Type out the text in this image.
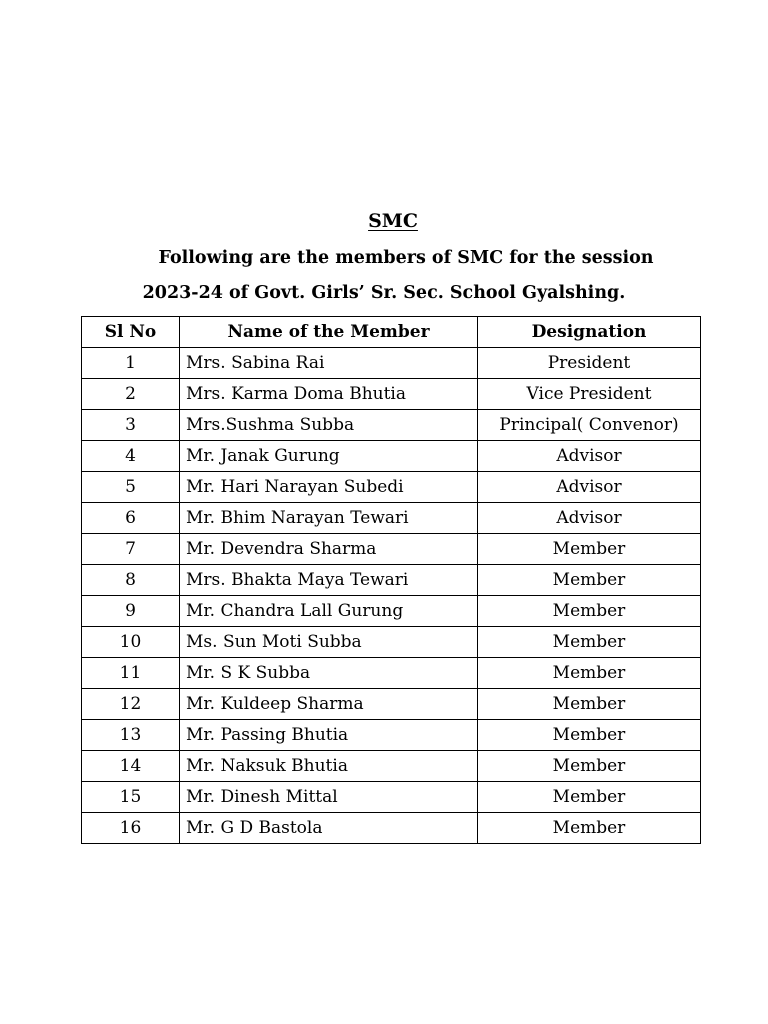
SMC
Following are the members of SMC for the session
2023-24 of Govt. Girls’ Sr. Sec. School Gyalshing.
Sl No	Name of the Member	Designation
1	Mrs. Sabina Rai	President
2	Mrs. Karma Doma Bhutia	Vice President
3	Mrs.Sushma Subba	Principal( Convenor)
4	Mr. Janak Gurung	Advisor
5	Mr. Hari Narayan Subedi	Advisor
6	Mr. Bhim Narayan Tewari	Advisor
7	Mr. Devendra Sharma	Member
8	Mrs. Bhakta Maya Tewari	Member
9	Mr. Chandra Lall Gurung	Member
10	Ms. Sun Moti Subba	Member
11	Mr. S K Subba	Member
12	Mr. Kuldeep Sharma	Member
13	Mr. Passing Bhutia	Member
14	Mr. Naksuk Bhutia	Member
15	Mr. Dinesh Mittal	Member
16	Mr. G D Bastola	Member
